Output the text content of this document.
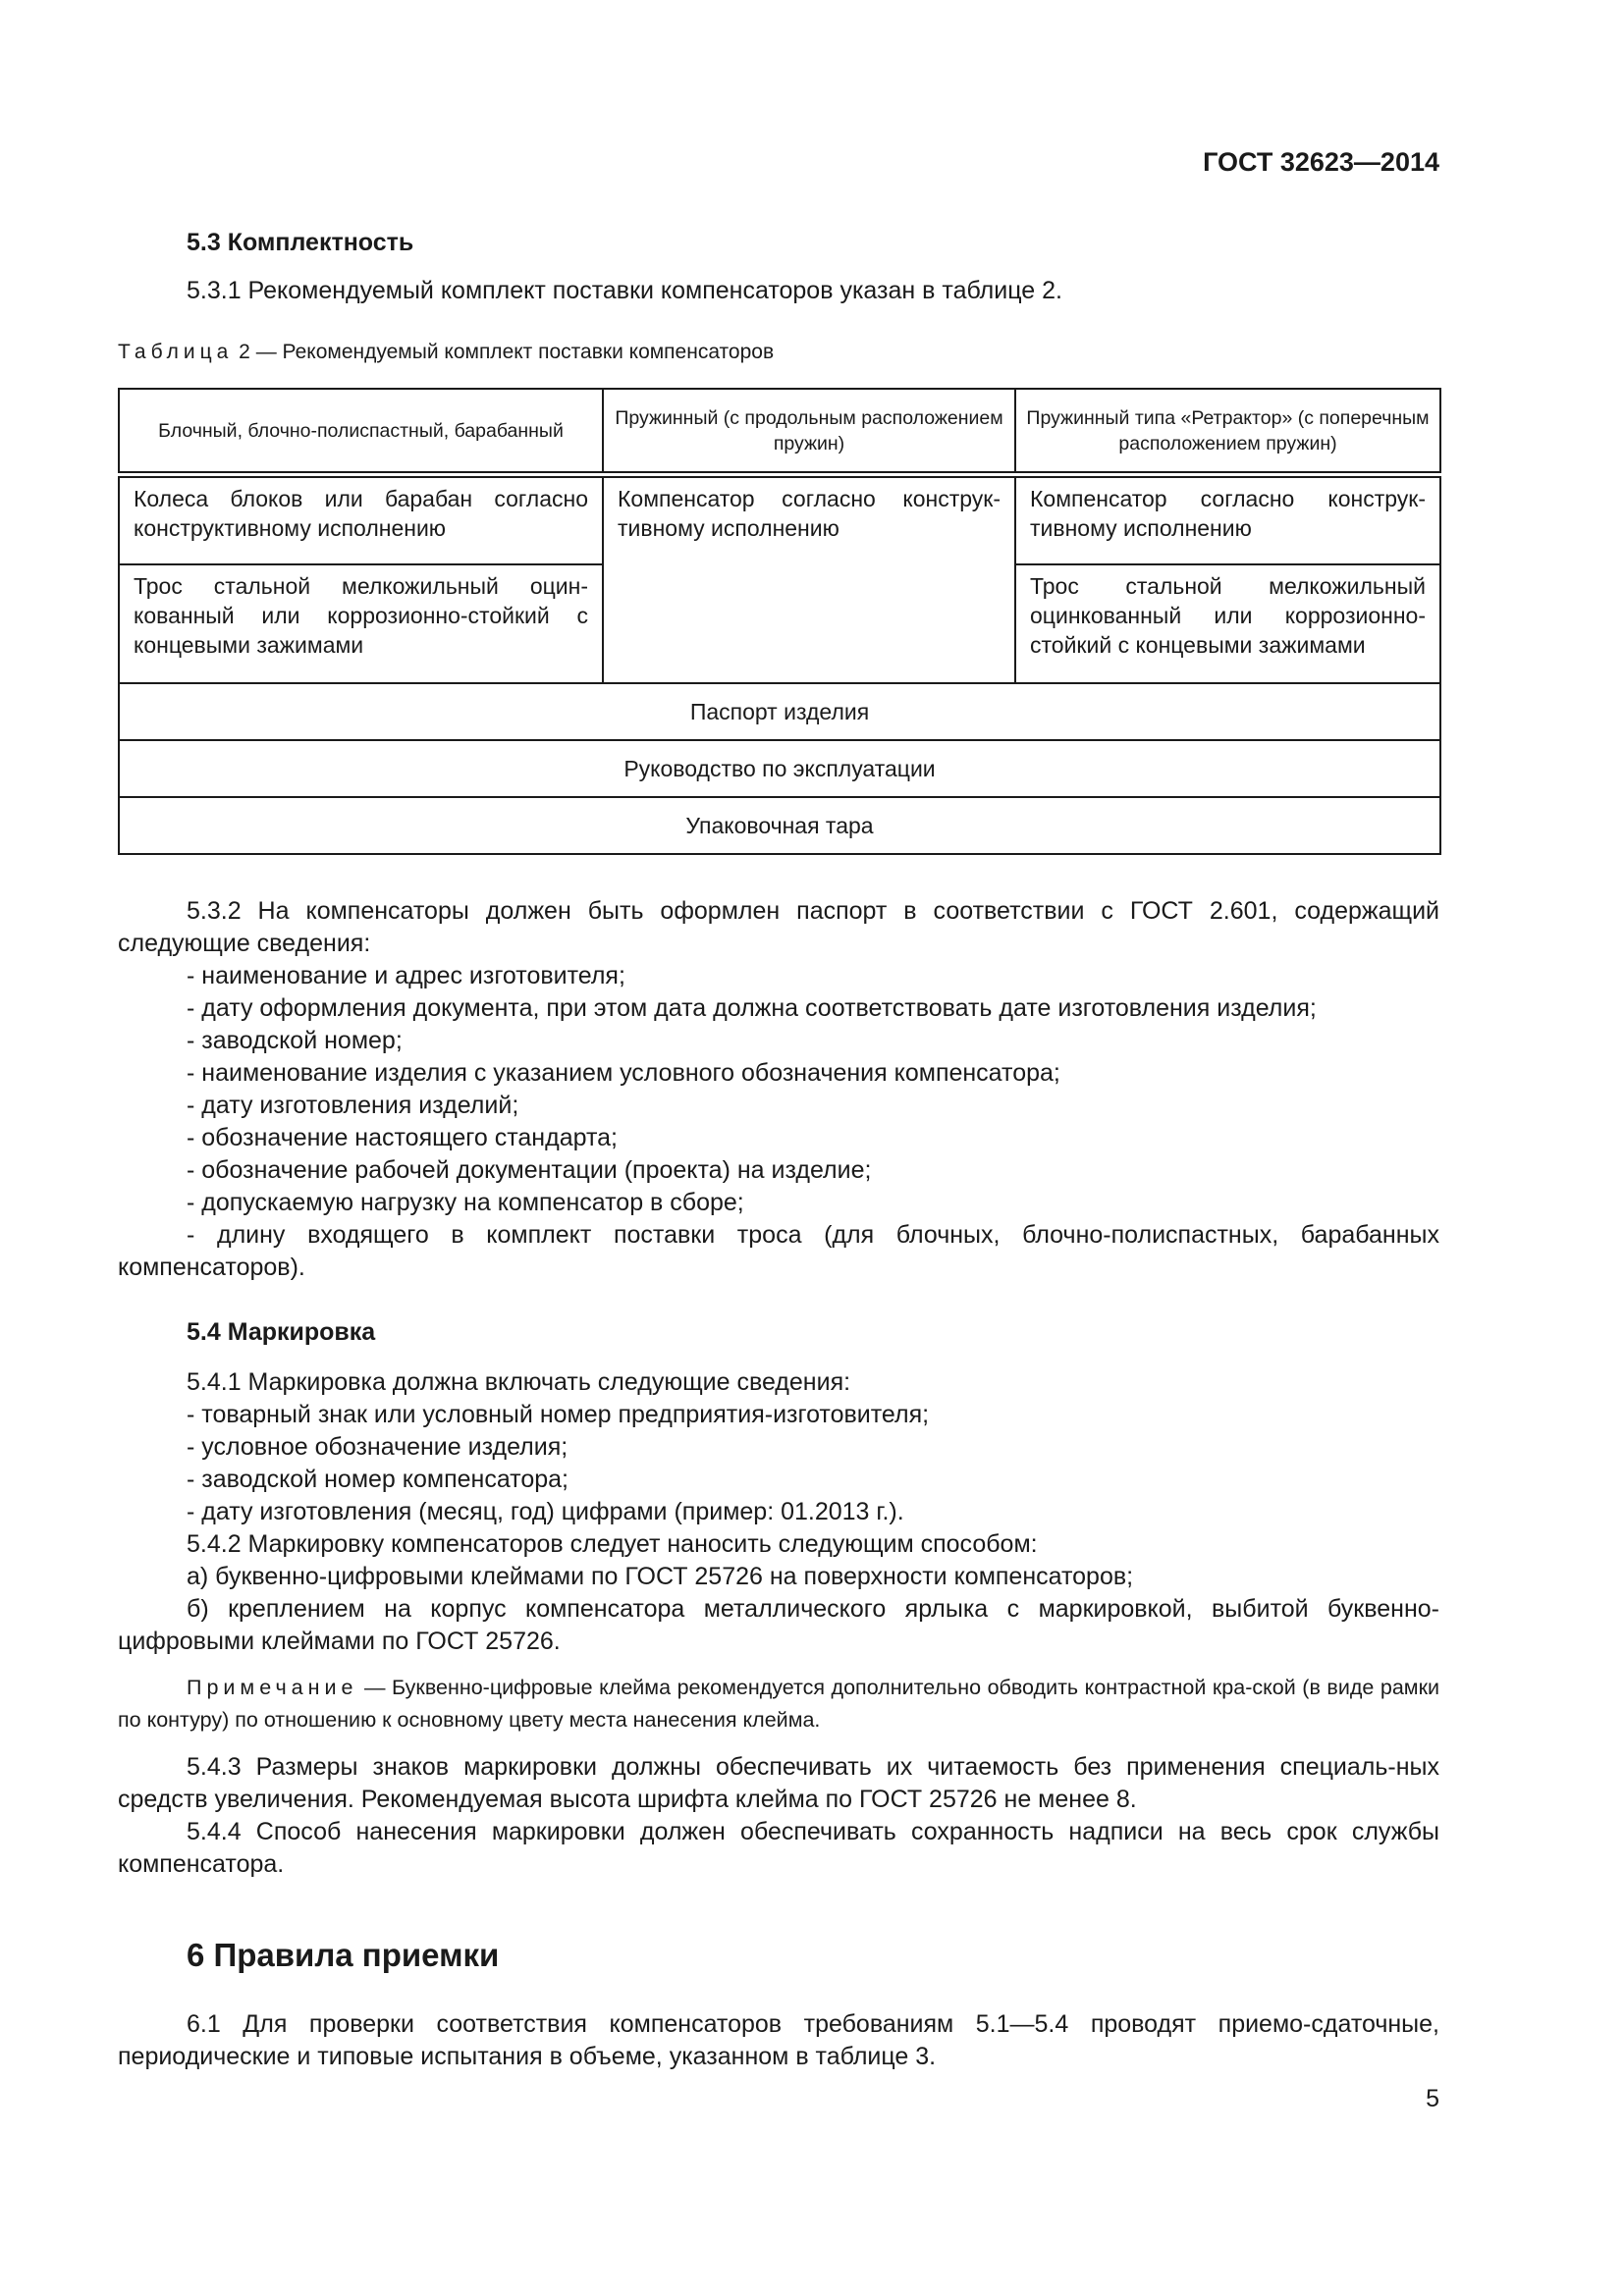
ГОСТ 32623—2014
5.3 Комплектность
5.3.1 Рекомендуемый комплект поставки компенсаторов указан в таблице 2.
Таблица 2 — Рекомендуемый комплект поставки компенсаторов
Блочный, блочно-полиспастный, барабанный	Пружинный (с продольным расположением пружин)	Пружинный типа «Ретрактор» (с поперечным расположением пружин)
Колеса блоков или барабан согласно конструктивному исполнению	Компенсатор согласно конструк-тивному исполнению	Компенсатор согласно конструк-тивному исполнению
Трос стальной мелкожильный оцин-кованный или коррозионно-стойкий с концевыми зажимами		Трос стальной мелкожильный оцинкованный или коррозионно-стойкий с концевыми зажимами
Паспорт изделия		
Руководство по эксплуатации		
Упаковочная тара		
5.3.2 На компенсаторы должен быть оформлен паспорт в соответствии с ГОСТ 2.601, содержащий следующие сведения:
- наименование и адрес изготовителя;
- дату оформления документа, при этом дата должна соответствовать дате изготовления изделия;
- заводской номер;
- наименование изделия с указанием условного обозначения компенсатора;
- дату изготовления изделий;
- обозначение настоящего стандарта;
- обозначение рабочей документации (проекта) на изделие;
- допускаемую нагрузку на компенсатор в сборе;
- длину входящего в комплект поставки троса (для блочных, блочно-полиспастных, барабанных компенсаторов).
5.4 Маркировка
5.4.1 Маркировка должна включать следующие сведения:
- товарный знак или условный номер предприятия-изготовителя;
- условное обозначение изделия;
- заводской номер компенсатора;
- дату изготовления (месяц, год) цифрами (пример: 01.2013 г.).
5.4.2 Маркировку компенсаторов следует наносить следующим способом:
а) буквенно-цифровыми клеймами по ГОСТ 25726 на поверхности компенсаторов;
б) креплением на корпус компенсатора металлического ярлыка с маркировкой, выбитой буквенно-цифровыми клеймами по ГОСТ 25726.
Примечание — Буквенно-цифровые клейма рекомендуется дополнительно обводить контрастной кра-ской (в виде рамки по контуру) по отношению к основному цвету места нанесения клейма.
5.4.3 Размеры знаков маркировки должны обеспечивать их читаемость без применения специаль-ных средств увеличения. Рекомендуемая высота шрифта клейма по ГОСТ 25726 не менее 8.
5.4.4 Способ нанесения маркировки должен обеспечивать сохранность надписи на весь срок службы компенсатора.
6 Правила приемки
6.1 Для проверки соответствия компенсаторов требованиям 5.1—5.4 проводят приемо-сдаточные, периодические и типовые испытания в объеме, указанном в таблице 3.
5
